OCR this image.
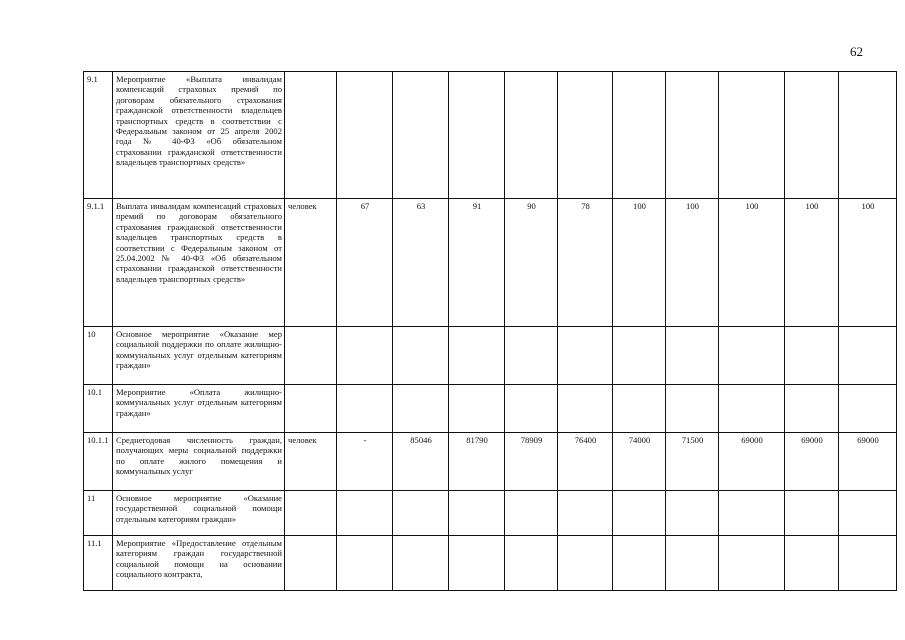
62
9.1	Мероприятие «Выплата инвалидам компенсаций страховых премий по договорам обязательного страхования гражданской ответственности владельцев транспортных средств в соответствии с Федеральным законом от 25 апреля 2002 года № 40-ФЗ «Об обязательном страховании гражданской ответственности владельцев транспортных средств»											
9.1.1	Выплата инвалидам компенсаций страховых премий по договорам обязательного страхования гражданской ответственности владельцев транспортных средств в соответствии с Федеральным законом от 25.04.2002 № 40-ФЗ «Об обязательном страховании гражданской ответственности владельцев транспортных средств»	человек	67	63	91	90	78	100	100	100	100	100
10	Основное мероприятие «Оказание мер социальной поддержки по оплате жилищно-коммунальных услуг отдельным категориям граждан»											
10.1	Мероприятие «Оплата жилищно-коммунальных услуг отдельным категориям граждан»											
10.1.1	Среднегодовая численность граждан, получающих меры социальной поддержки по оплате жилого помещения и коммунальных услуг	человек	-	85046	81790	78909	76400	74000	71500	69000	69000	69000
11	Основное мероприятие «Оказание государственной социальной помощи отдельным категориям граждан»											
11.1	Мероприятие «Предоставление отдельным категориям граждан государственной социальной помощи на основании социального контракта,											
